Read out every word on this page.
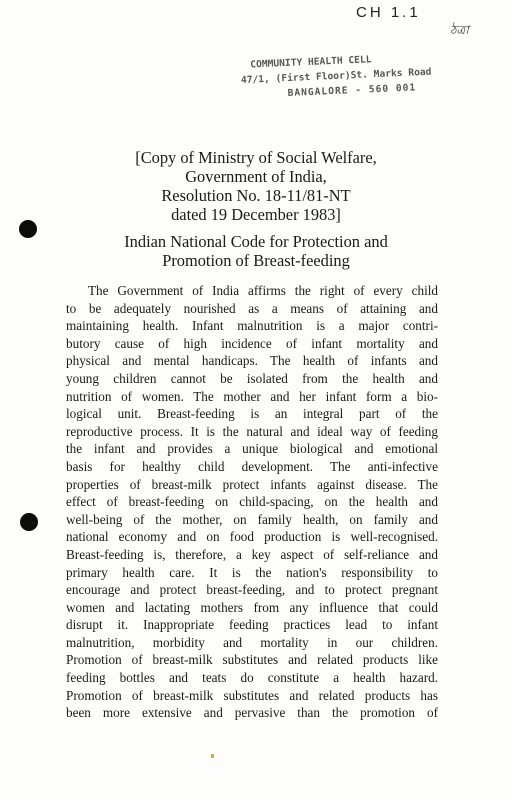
CH 1.1
ঠত্রা
COMMUNITY HEALTH CELL
47/1, (First Floor)St. Marks Road
BANGALORE - 560 001
[Copy of Ministry of Social Welfare,
Government of India,
Resolution No. 18-11/81-NT
dated 19 December 1983]
Indian National Code for Protection and
Promotion of Breast-feeding
The Government of India affirms the right of every child
to be adequately nourished as a means of attaining and
maintaining health. Infant malnutrition is a major contri-
butory cause of high incidence of infant mortality and
physical and mental handicaps. The health of infants and
young children cannot be isolated from the health and
nutrition of women. The mother and her infant form a bio-
logical unit. Breast-feeding is an integral part of the
reproductive process. It is the natural and ideal way of feeding
the infant and provides a unique biological and emotional
basis for healthy child development. The anti-infective
properties of breast-milk protect infants against disease. The
effect of breast-feeding on child-spacing, on the health and
well-being of the mother, on family health, on family and
national economy and on food production is well-recognised.
Breast-feeding is, therefore, a key aspect of self-reliance and
primary health care. It is the nation's responsibility to
encourage and protect breast-feeding, and to protect pregnant
women and lactating mothers from any influence that could
disrupt it. Inappropriate feeding practices lead to infant
malnutrition, morbidity and mortality in our children.
Promotion of breast-milk substitutes and related products like
feeding bottles and teats do constitute a health hazard.
Promotion of breast-milk substitutes and related products has
been more extensive and pervasive than the promotion of
